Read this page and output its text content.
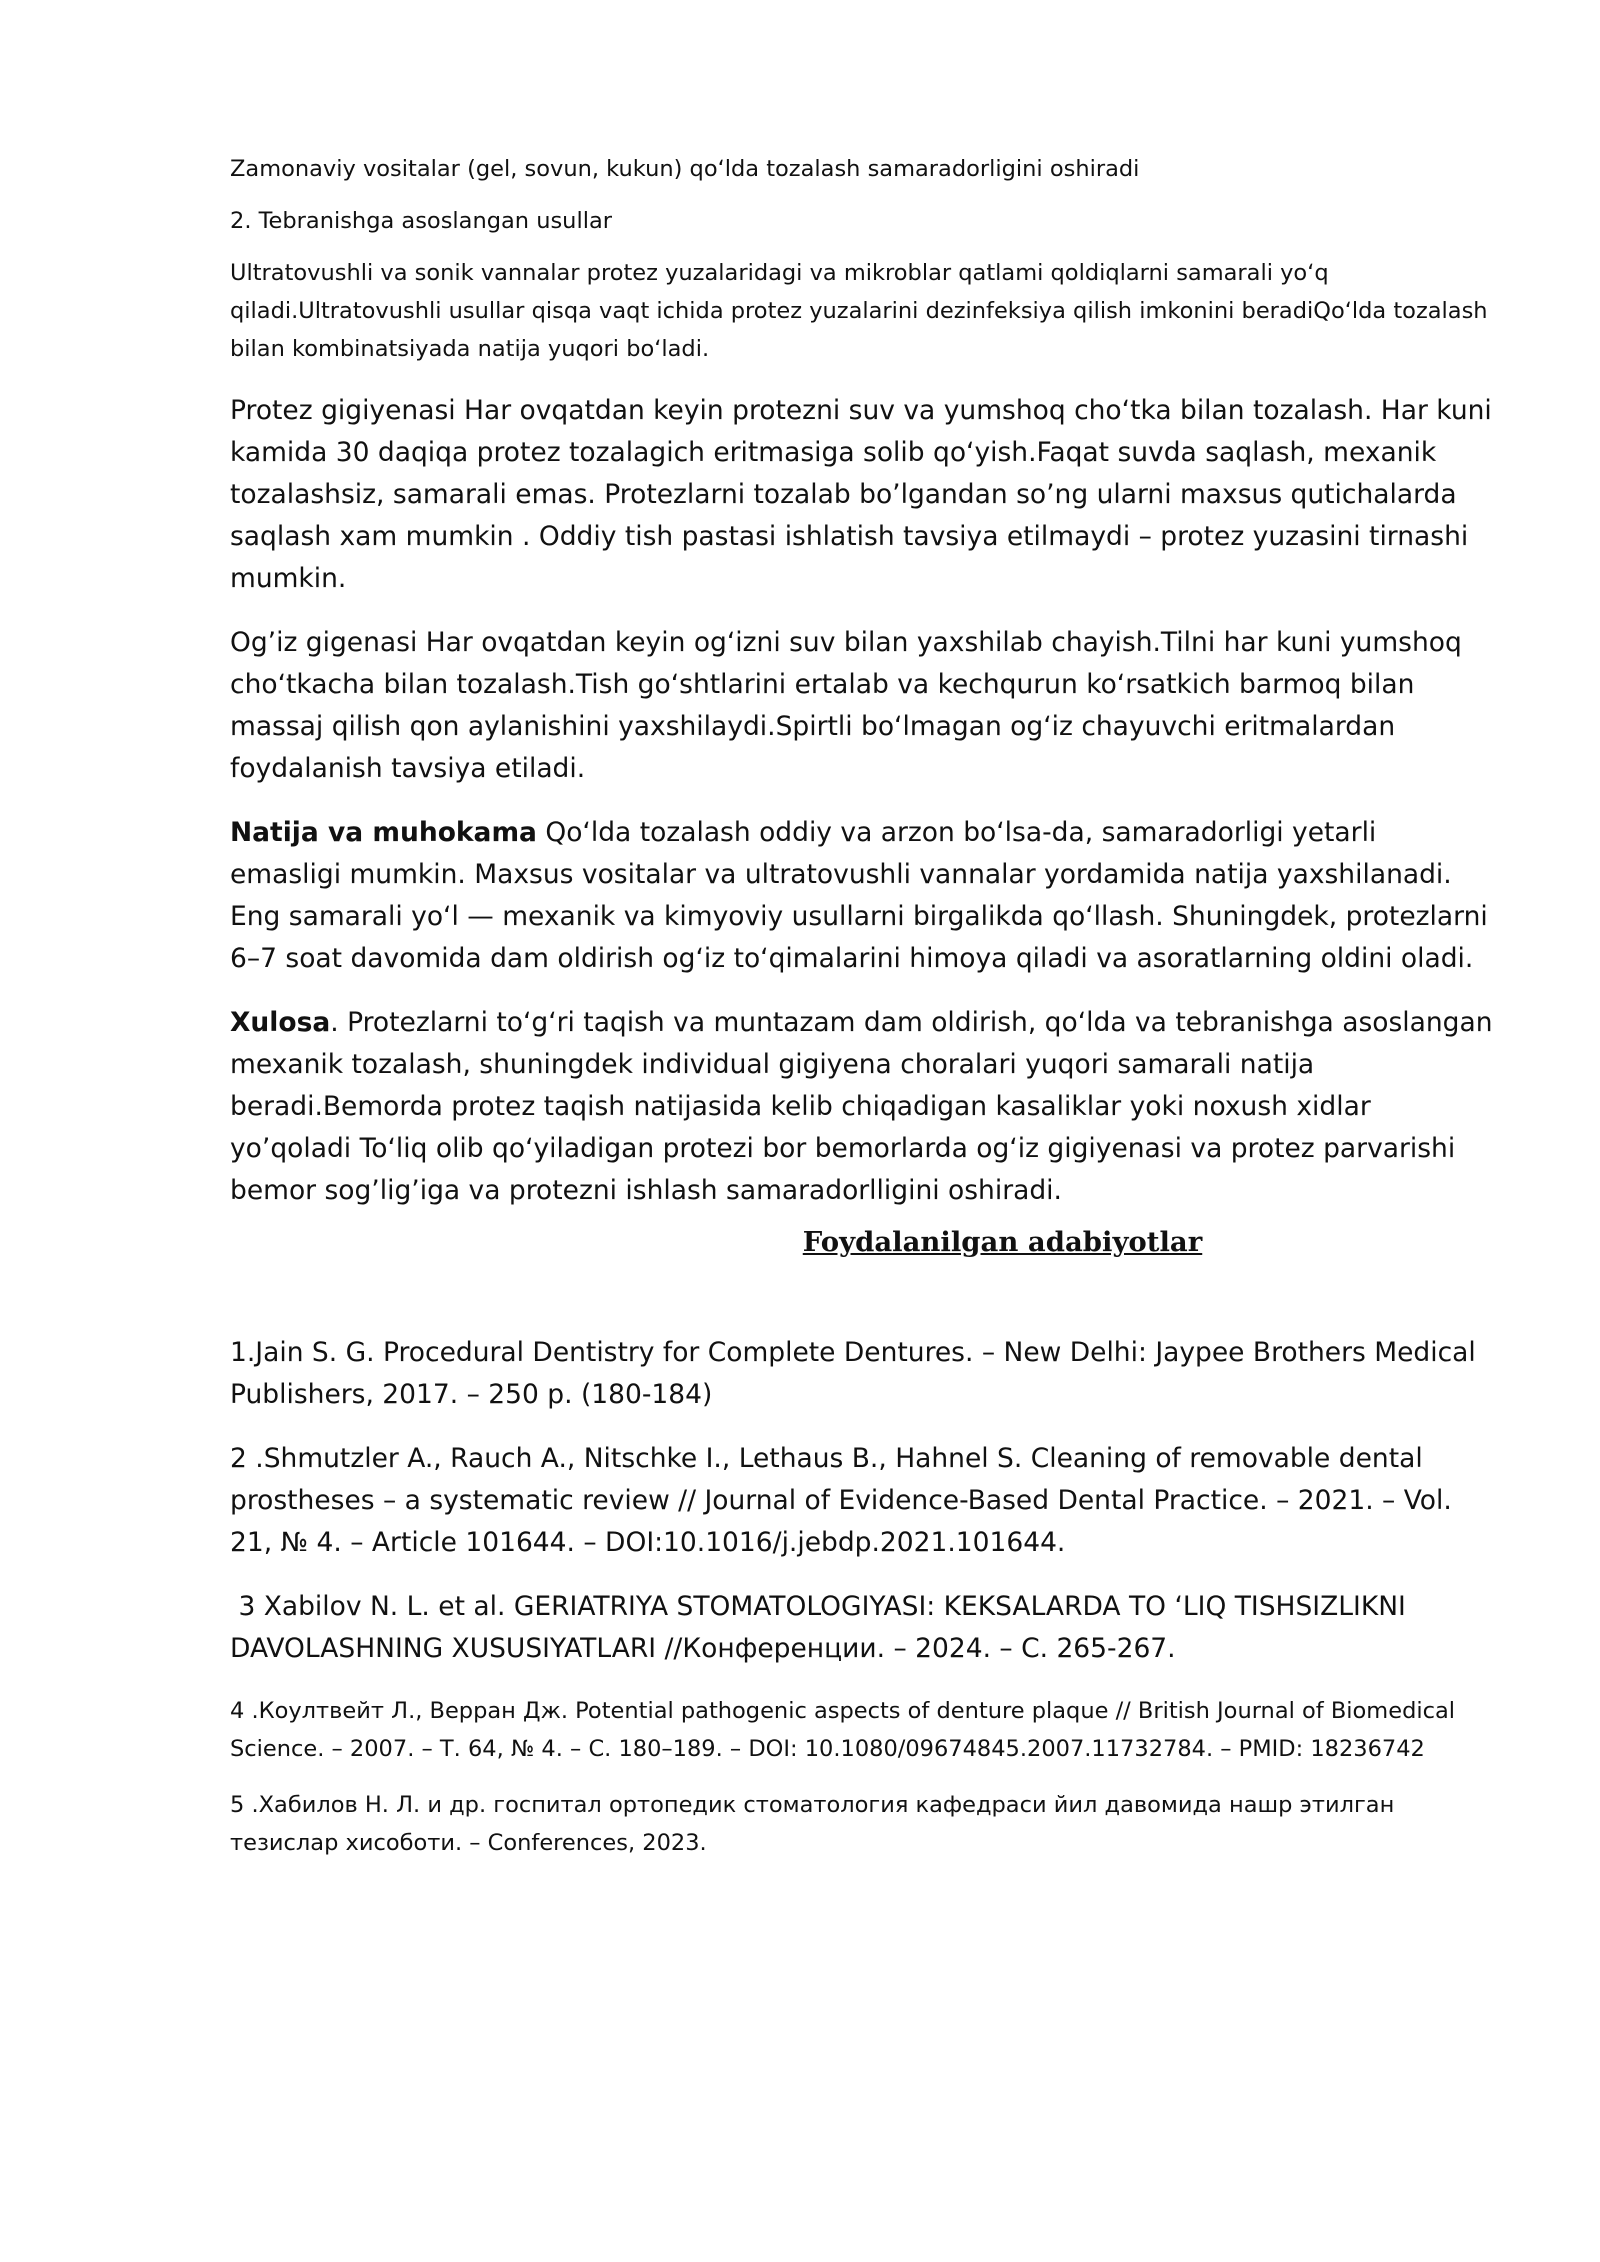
Zamonaviy vositalar (gel, sovun, kukun) qoʻlda tozalash samaradorligini oshiradi

2. Tebranishga asoslangan usullar

Ultratovushli va sonik vannalar protez yuzalaridagi va mikroblar qatlami qoldiqlarni samarali yoʻq qiladi.Ultratovushli usullar qisqa vaqt ichida protez yuzalarini dezinfeksiya qilish imkonini beradiQoʻlda tozalash bilan kombinatsiyada natija yuqori boʻladi.

Protez gigiyenasi Har ovqatdan keyin protezni suv va yumshoq choʻtka bilan tozalash. Har kuni kamida 30 daqiqa protez tozalagich eritmasiga solib qoʻyish.Faqat suvda saqlash, mexanik tozalashsiz, samarali emas. Protezlarni tozalab bo’lgandan so’ng ularni maxsus qutichalarda saqlash xam mumkin . Oddiy tish pastasi ishlatish tavsiya etilmaydi – protez yuzasini tirnashi mumkin.

Og’iz gigenasi Har ovqatdan keyin ogʻizni suv bilan yaxshilab chayish.Tilni har kuni yumshoq choʻtkacha bilan tozalash.Tish goʻshtlarini ertalab va kechqurun koʻrsatkich barmoq bilan massaj qilish qon aylanishini yaxshilaydi.Spirtli boʻlmagan ogʻiz chayuvchi eritmalardan foydalanish tavsiya etiladi.

Natija va muhokama Qoʻlda tozalash oddiy va arzon boʻlsa-da, samaradorligi yetarli emasligi mumkin. Maxsus vositalar va ultratovushli vannalar yordamida natija yaxshilanadi. Eng samarali yoʻl — mexanik va kimyoviy usullarni birgalikda qoʻllash. Shuningdek, protezlarni 6–7 soat davomida dam oldirish ogʻiz toʻqimalarini himoya qiladi va asoratlarning oldini oladi.

Xulosa. Protezlarni toʻgʻri taqish va muntazam dam oldirish, qoʻlda va tebranishga asoslangan mexanik tozalash, shuningdek individual gigiyena choralari yuqori samarali natija beradi.Bemorda protez taqish natijasida kelib chiqadigan kasaliklar yoki noxush xidlar yo’qoladi Toʻliq olib qoʻyiladigan protezi bor bemorlarda ogʻiz gigiyenasi va protez parvarishi bemor sog’lig’iga va protezni ishlash samaradorlligini oshiradi.

Foydalanilgan adabiyotlar

1.Jain S. G. Procedural Dentistry for Complete Dentures. – New Delhi: Jaypee Brothers Medical Publishers, 2017. – 250 p. (180-184)

2 .Shmutzler A., Rauch A., Nitschke I., Lethaus B., Hahnel S. Cleaning of removable dental prostheses – a systematic review // Journal of Evidence-Based Dental Practice. – 2021. – Vol. 21, № 4. – Article 101644. – DOI:10.1016/j.jebdp.2021.101644.

3 Xabilov N. L. et al. GERIATRIYA STOMATOLOGIYASI: KEKSALARDA TO ‘LIQ TISHSIZLIKNI DAVOLASHNING XUSUSIYATLARI //Конференции. – 2024. – С. 265-267.

4 .Коултвейт Л., Верран Дж. Potential pathogenic aspects of denture plaque // British Journal of Biomedical Science. – 2007. – Т. 64, № 4. – С. 180–189. – DOI: 10.1080/09674845.2007.11732784. – PMID: 18236742

5 .Хабилов Н. Л. и др. госпитал ортопедик стоматология кафедраси йил давомида нашр этилган тезислар хисоботи. – Conferences, 2023.
